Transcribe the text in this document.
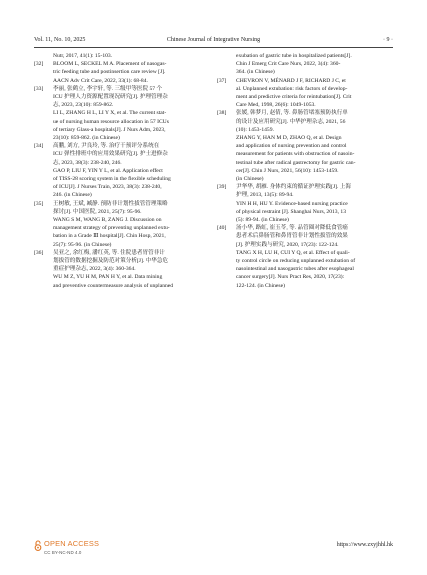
Vol. 11, No. 10, 2025	Chinese Journal of Integrative Nursing	· 9 ·
Nutr, 2017, 41(1): 15-103.
[32]	BLOOM L, SECKEL M A. Placement of nasogas-
tric feeding tube and postinsertion care review [J].
AACN Adv Crit Care, 2022, 33(1): 68-84.
[33]	李丽, 张鹤立, 李宇轩, 等. 三级甲等医院 57 个
ICU 护理人力资源配置现况研究[J]. 护理管理杂
志, 2023, 23(10): 859-862.
LI L, ZHANG H L, LI Y X, et al. The current stat-
ue of nursing human resource allocation in 57 ICUs
of tertiary Glass-a hospitals[J]. J Nurs Adm, 2023,
23(10): 859-862. (in Chinese)
[34]	高鹏, 刘方, 尹良玲, 等. 治疗干预评分系统在
ICU 弹性排班中的应用效果研究[J]. 护士进修杂
志, 2023, 38(3): 238-240, 246.
GAO P, LIU F, YIN Y L, et al. Application effect
of TISS-28 scoring system in the flexible scheduling
of ICU[J]. J Nurses Train, 2023, 38(3): 238-240,
246. (in Chinese)
[35]	王树敏, 王斌, 臧静. 预防非计划性拔管管理策略
探讨[J]. 中国医院, 2021, 25(7): 95-96.
WANG S M, WANG B, ZANG J. Discussion on
management strategy of preventing unplanned extu-
bation in a Grade Ⅲ hospital[J]. Chin Hosp, 2021,
25(7): 95-96. (in Chinese)
[36]	吴亚之, 余红梅, 潘红英, 等. 住院患者胃管非计
划拔管的数据挖掘及防范对策分析[J]. 中华急危
重症护理杂志, 2022, 3(4): 360-364.
WU M Z, YU H M, PAN H Y, et al. Data mining
and preventive countermeasure analysis of unplanned
exubation of gastric tube in hospitalized patients[J].
Chin J Emerg Crit Care Nurs, 2022, 3(4): 360-
364. (in Chinese)
[37]	CHEVRON V, MÉNARD J F, RICHARD J C, et
al. Unplanned extubation: risk factors of develop-
ment and predictive criteria for reintubation[J]. Crit
Care Med, 1998, 26(6): 1049-1053.
[38]	张媛, 韩梦月, 赵倩, 等. 鼻肠管堵塞预防执行单
的设计及应用研究[J]. 中华护理杂志, 2021, 56
(10): 1453-1459.
ZHANG Y, HAN M D, ZHAO Q, et al. Design
and application of nursing prevention and control
measurement for patients with obstruction of nasoin-
testinal tube after radical gastrectomy for gastric can-
cer[J]. Chin J Nurs, 2021, 56(10): 1453-1459.
(in Chinese)
[39]	尹华华, 胡雁. 身体约束的循证护理实践[J]. 上海
护理, 2013, 13(5): 89-94.
YIN H H, HU Y. Evidence-based nursing practice
of physical restraint [J]. Shanghai Nurs, 2013, 13
(5): 89-94. (in Chinese)
[40]	汤小华, 路虹, 崔玉苓, 等. 品管圈对降低食管癌
患者术后鼻肠管和鼻胃管非计划性拔管的效果
[J]. 护理实践与研究, 2020, 17(23): 122-124.
TANG X H, LU H, CUI Y Q, et al. Effect of quali-
ty control circle on reducing unplanned extubation of
nasointestinal and nasogastric tubes after esophageal
cancer surgery[J]. Nurs Pract Res, 2020, 17(23):
122-124. (in Chinese)
OPEN ACCESS
CC BY-NC-ND 4.0
https://www.zxyjhhl.hk
